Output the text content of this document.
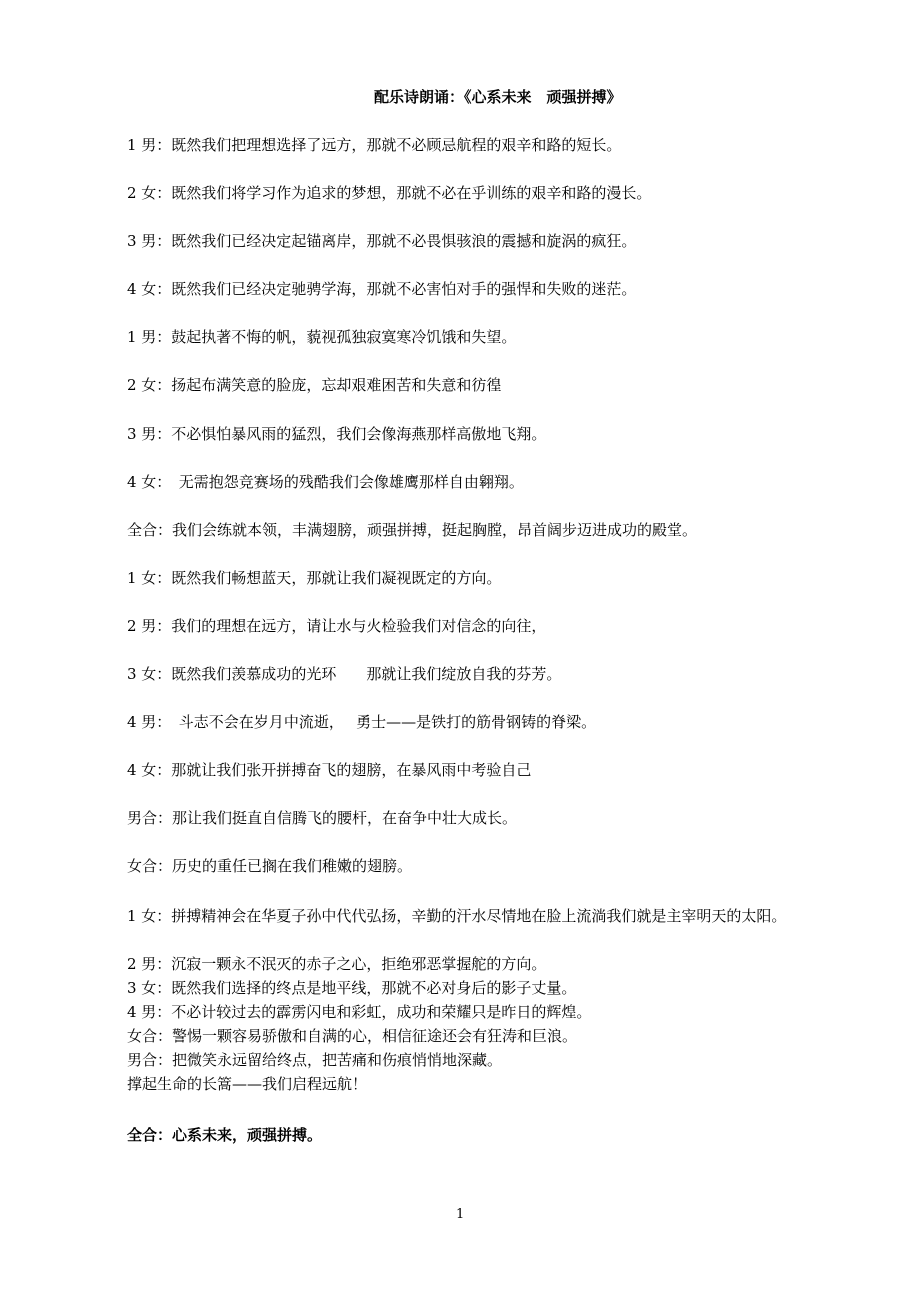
配乐诗朗诵：《心系未来　顽强拼搏》
1 男：既然我们把理想选择了远方，那就不必顾忌航程的艰辛和路的短长。
2 女：既然我们将学习作为追求的梦想，那就不必在乎训练的艰辛和路的漫长。
3 男：既然我们已经决定起锚离岸，那就不必畏惧骇浪的震撼和旋涡的疯狂。
4 女：既然我们已经决定驰骋学海，那就不必害怕对手的强悍和失败的迷茫。
1 男：鼓起执著不悔的帆，藐视孤独寂寞寒冷饥饿和失望。
2 女：扬起布满笑意的脸庞，忘却艰难困苦和失意和彷徨
3 男：不必惧怕暴风雨的猛烈，我们会像海燕那样高傲地飞翔。
4 女：　无需抱怨竞赛场的残酷我们会像雄鹰那样自由翱翔。
全合：我们会练就本领，丰满翅膀，顽强拼搏，挺起胸膛，昂首阔步迈进成功的殿堂。
1 女：既然我们畅想蓝天，那就让我们凝视既定的方向。
2 男：我们的理想在远方，请让水与火检验我们对信念的向往，
3 女：既然我们羡慕成功的光环　　那就让我们绽放自我的芬芳。
4 男：　斗志不会在岁月中流逝，　 勇士——是铁打的筋骨钢铸的脊梁。
4 女：那就让我们张开拼搏奋飞的翅膀，在暴风雨中考验自己
男合：那让我们挺直自信腾飞的腰杆，在奋争中壮大成长。
女合：历史的重任已搁在我们稚嫩的翅膀。
1 女：拼搏精神会在华夏子孙中代代弘扬，辛勤的汗水尽情地在脸上流淌我们就是主宰明天的太阳。
2 男：沉寂一颗永不泯灭的赤子之心，拒绝邪恶掌握舵的方向。
3 女：既然我们选择的终点是地平线，那就不必对身后的影子丈量。
4 男：不必计较过去的霹雳闪电和彩虹，成功和荣耀只是昨日的辉煌。
女合：警惕一颗容易骄傲和自满的心，相信征途还会有狂涛和巨浪。
男合：把微笑永远留给终点，把苦痛和伤痕悄悄地深藏。
撑起生命的长篙——我们启程远航！
全合：心系未来，顽强拼搏。
1
